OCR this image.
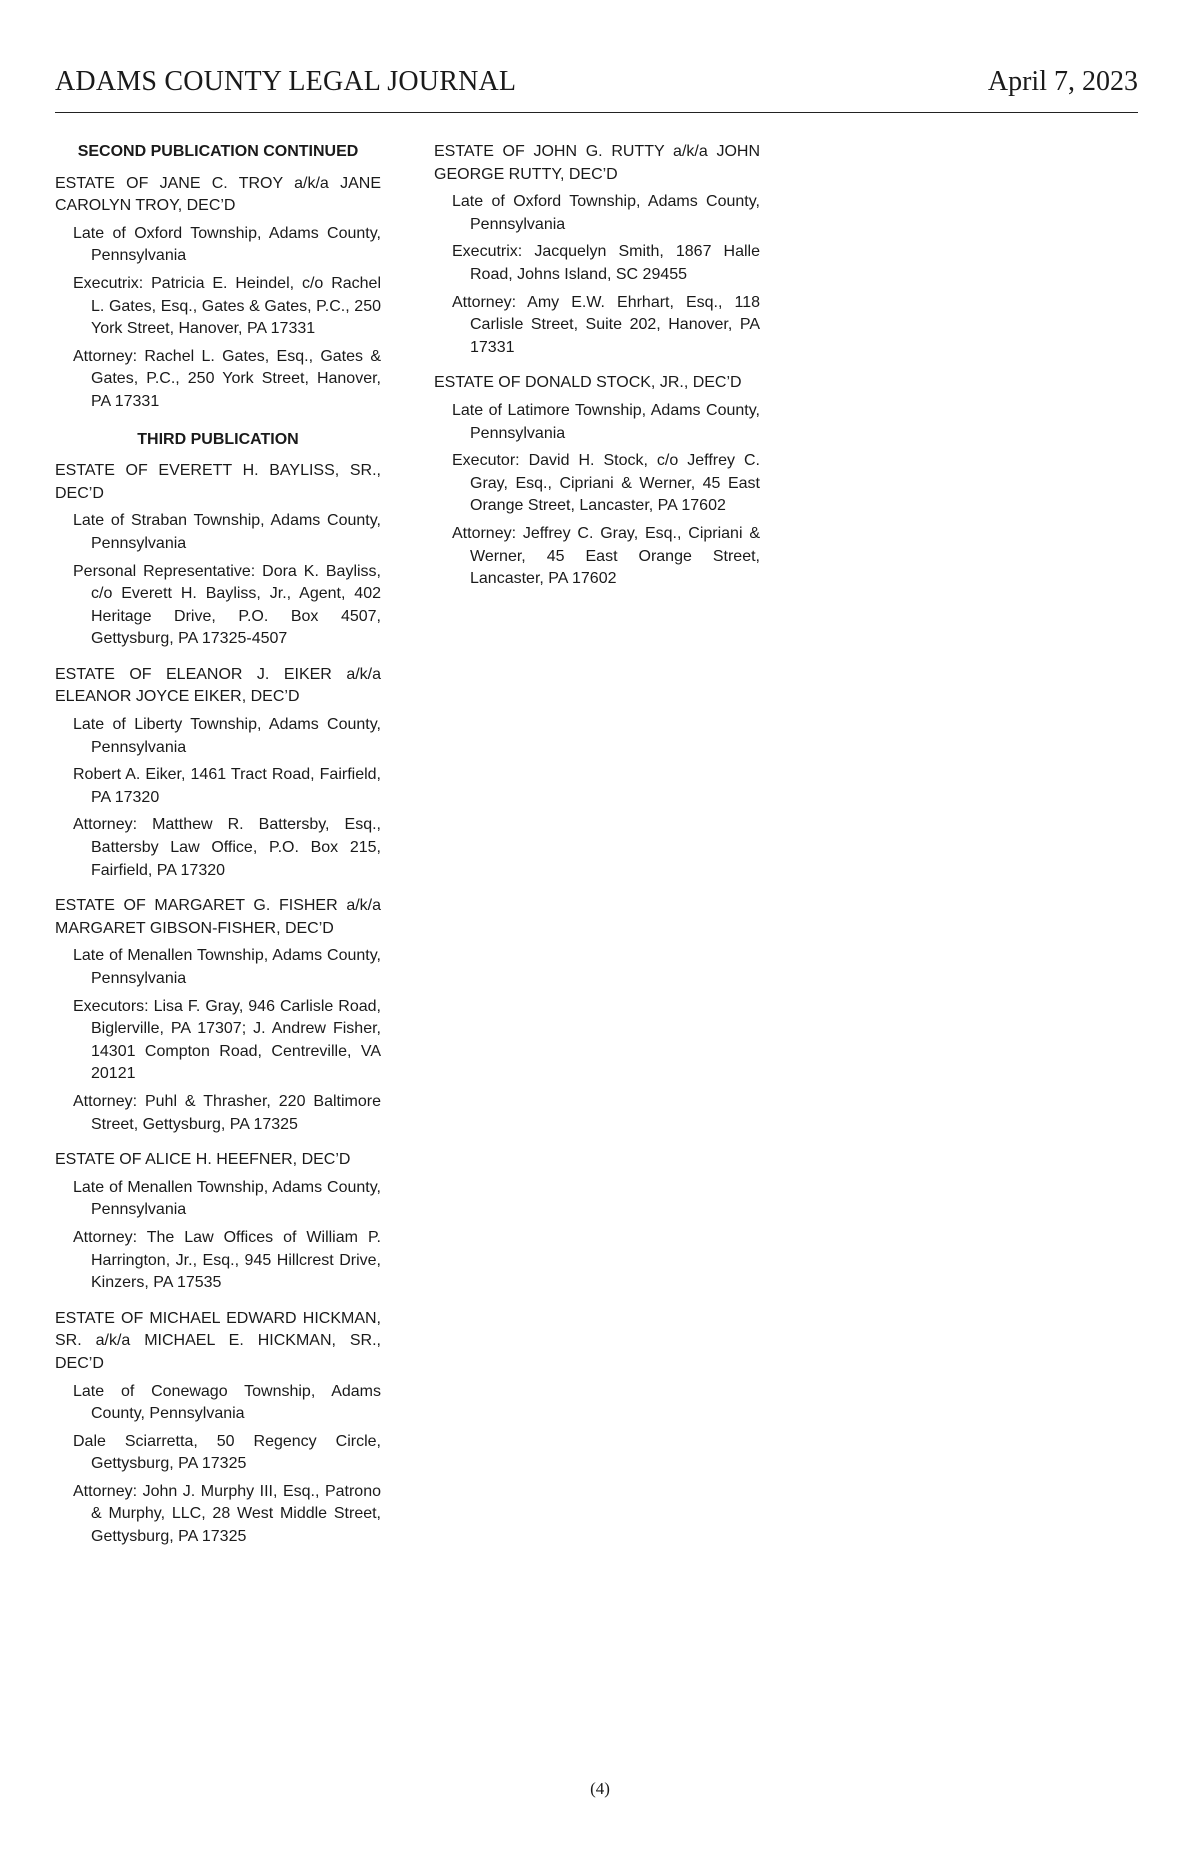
ADAMS COUNTY LEGAL JOURNAL	April 7, 2023
SECOND PUBLICATION CONTINUED
ESTATE OF JANE C. TROY a/k/a JANE CAROLYN TROY, DEC’D
Late of Oxford Township, Adams County, Pennsylvania
Executrix: Patricia E. Heindel, c/o Rachel L. Gates, Esq., Gates & Gates, P.C., 250 York Street, Hanover, PA 17331
Attorney: Rachel L. Gates, Esq., Gates & Gates, P.C., 250 York Street, Hanover, PA 17331
THIRD PUBLICATION
ESTATE OF EVERETT H. BAYLISS, SR., DEC’D
Late of Straban Township, Adams County, Pennsylvania
Personal Representative: Dora K. Bayliss, c/o Everett H. Bayliss, Jr., Agent, 402 Heritage Drive, P.O. Box 4507, Gettysburg, PA 17325-4507
ESTATE OF ELEANOR J. EIKER a/k/a ELEANOR JOYCE EIKER, DEC’D
Late of Liberty Township, Adams County, Pennsylvania
Robert A. Eiker, 1461 Tract Road, Fairfield, PA 17320
Attorney: Matthew R. Battersby, Esq., Battersby Law Office, P.O. Box 215, Fairfield, PA 17320
ESTATE OF MARGARET G. FISHER a/k/a MARGARET GIBSON-FISHER, DEC’D
Late of Menallen Township, Adams County, Pennsylvania
Executors: Lisa F. Gray, 946 Carlisle Road, Biglerville, PA 17307; J. Andrew Fisher, 14301 Compton Road, Centreville, VA 20121
Attorney: Puhl & Thrasher, 220 Baltimore Street, Gettysburg, PA 17325
ESTATE OF ALICE H. HEEFNER, DEC’D
Late of Menallen Township, Adams County, Pennsylvania
Attorney: The Law Offices of William P. Harrington, Jr., Esq., 945 Hillcrest Drive, Kinzers, PA 17535
ESTATE OF MICHAEL EDWARD HICKMAN, SR. a/k/a MICHAEL E. HICKMAN, SR., DEC’D
Late of Conewago Township, Adams County, Pennsylvania
Dale Sciarretta, 50 Regency Circle, Gettysburg, PA 17325
Attorney: John J. Murphy III, Esq., Patrono & Murphy, LLC, 28 West Middle Street, Gettysburg, PA 17325
ESTATE OF JOHN G. RUTTY a/k/a JOHN GEORGE RUTTY, DEC’D
Late of Oxford Township, Adams County, Pennsylvania
Executrix: Jacquelyn Smith, 1867 Halle Road, Johns Island, SC 29455
Attorney: Amy E.W. Ehrhart, Esq., 118 Carlisle Street, Suite 202, Hanover, PA 17331
ESTATE OF DONALD STOCK, JR., DEC’D
Late of Latimore Township, Adams County, Pennsylvania
Executor: David H. Stock, c/o Jeffrey C. Gray, Esq., Cipriani & Werner, 45 East Orange Street, Lancaster, PA 17602
Attorney: Jeffrey C. Gray, Esq., Cipriani & Werner, 45 East Orange Street, Lancaster, PA 17602
(4)
